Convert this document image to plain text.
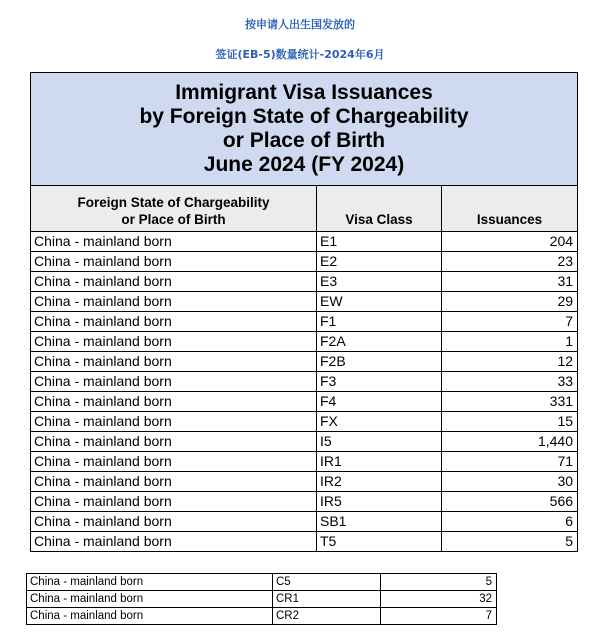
按申请人出生国发放的
签证(EB-5)数量统计-2024年6月
Immigrant Visa Issuances
by Foreign State of Chargeability
or Place of Birth
June 2024 (FY 2024)		

Foreign State of Chargeability
or Place of Birth	Visa Class	Issuances
China - mainland born	E1	204
China - mainland born	E2	23
China - mainland born	E3	31
China - mainland born	EW	29
China - mainland born	F1	7
China - mainland born	F2A	1
China - mainland born	F2B	12
China - mainland born	F3	33
China - mainland born	F4	331
China - mainland born	FX	15
China - mainland born	I5	1,440
China - mainland born	IR1	71
China - mainland born	IR2	30
China - mainland born	IR5	566
China - mainland born	SB1	6
China - mainland born	T5	5
China - mainland born	C5	5
China - mainland born	CR1	32
China - mainland born	CR2	7
